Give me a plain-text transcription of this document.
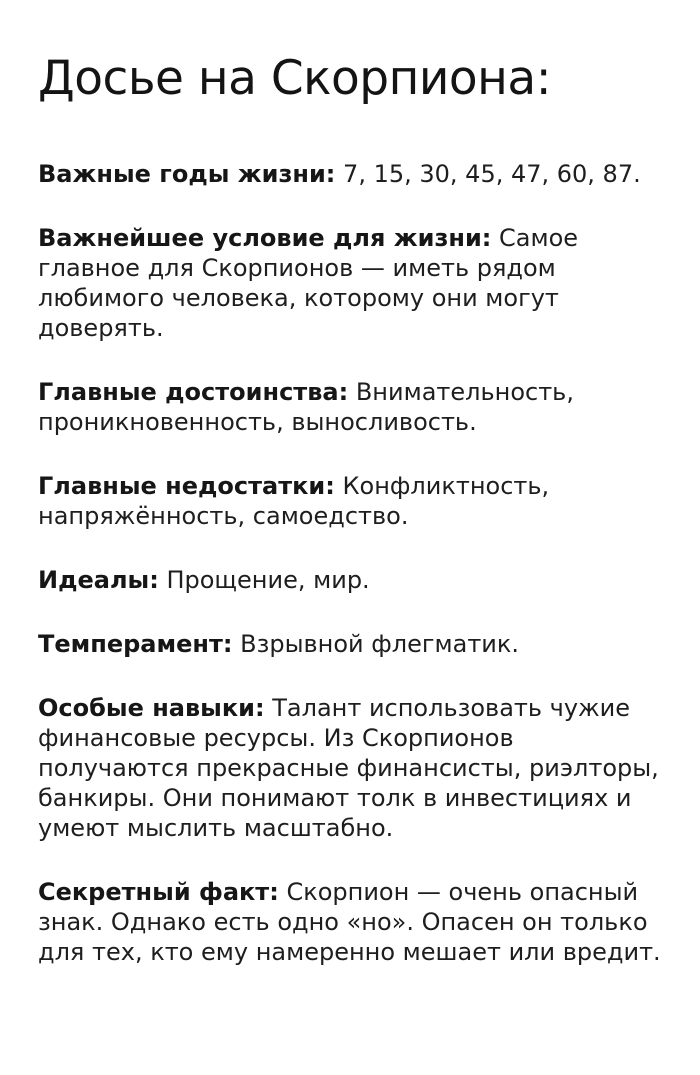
Досье на Скорпиона:

Важные годы жизни: 7, 15, 30, 45, 47, 60, 87.

Важнейшее условие для жизни: Самое главное для Скорпионов — иметь рядом любимого человека, которому они могут доверять.

Главные достоинства: Внимательность, проникновенность, выносливость.

Главные недостатки: Конфликтность, напряжённость, самоедство.

Идеалы: Прощение, мир.

Темперамент: Взрывной флегматик.

Особые навыки: Талант использовать чужие финансовые ресурсы. Из Скорпионов получаются прекрасные финансисты, риэлторы, банкиры. Они понимают толк в инвестициях и умеют мыслить масштабно.

Секретный факт: Скорпион — очень опасный знак. Однако есть одно «но». Опасен он только для тех, кто ему намеренно мешает или вредит.
